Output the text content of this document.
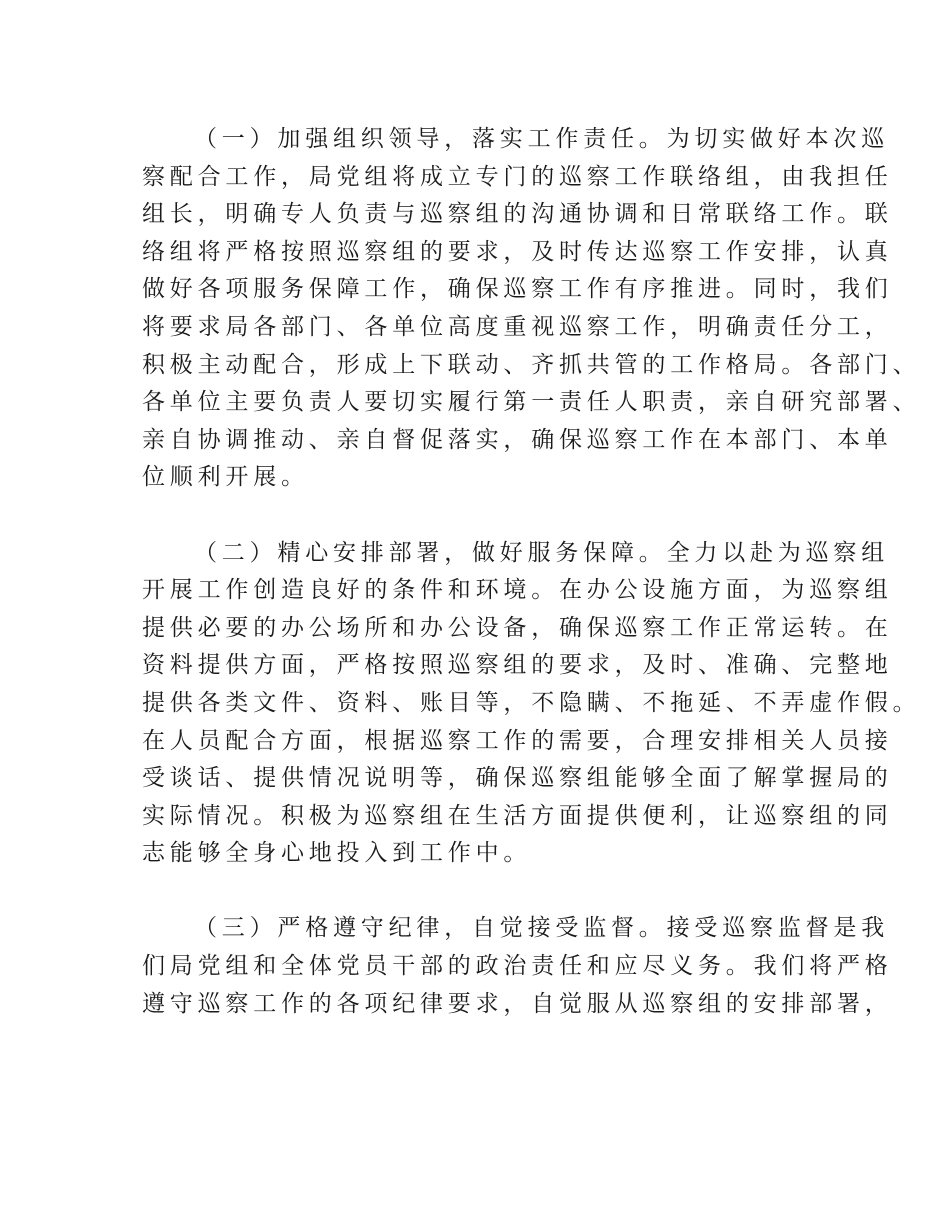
（一）加强组织领导，落实工作责任。为切实做好本次巡
察配合工作，局党组将成立专门的巡察工作联络组，由我担任
组长，明确专人负责与巡察组的沟通协调和日常联络工作。联
络组将严格按照巡察组的要求，及时传达巡察工作安排，认真
做好各项服务保障工作，确保巡察工作有序推进。同时，我们
将要求局各部门、各单位高度重视巡察工作，明确责任分工，
积极主动配合，形成上下联动、齐抓共管的工作格局。各部门、
各单位主要负责人要切实履行第一责任人职责，亲自研究部署、
亲自协调推动、亲自督促落实，确保巡察工作在本部门、本单
位顺利开展。
（二）精心安排部署，做好服务保障。全力以赴为巡察组
开展工作创造良好的条件和环境。在办公设施方面，为巡察组
提供必要的办公场所和办公设备，确保巡察工作正常运转。在
资料提供方面，严格按照巡察组的要求，及时、准确、完整地
提供各类文件、资料、账目等，不隐瞒、不拖延、不弄虚作假。
在人员配合方面，根据巡察工作的需要，合理安排相关人员接
受谈话、提供情况说明等，确保巡察组能够全面了解掌握局的
实际情况。积极为巡察组在生活方面提供便利，让巡察组的同
志能够全身心地投入到工作中。
（三）严格遵守纪律，自觉接受监督。接受巡察监督是我
们局党组和全体党员干部的政治责任和应尽义务。我们将严格
遵守巡察工作的各项纪律要求，自觉服从巡察组的安排部署，
